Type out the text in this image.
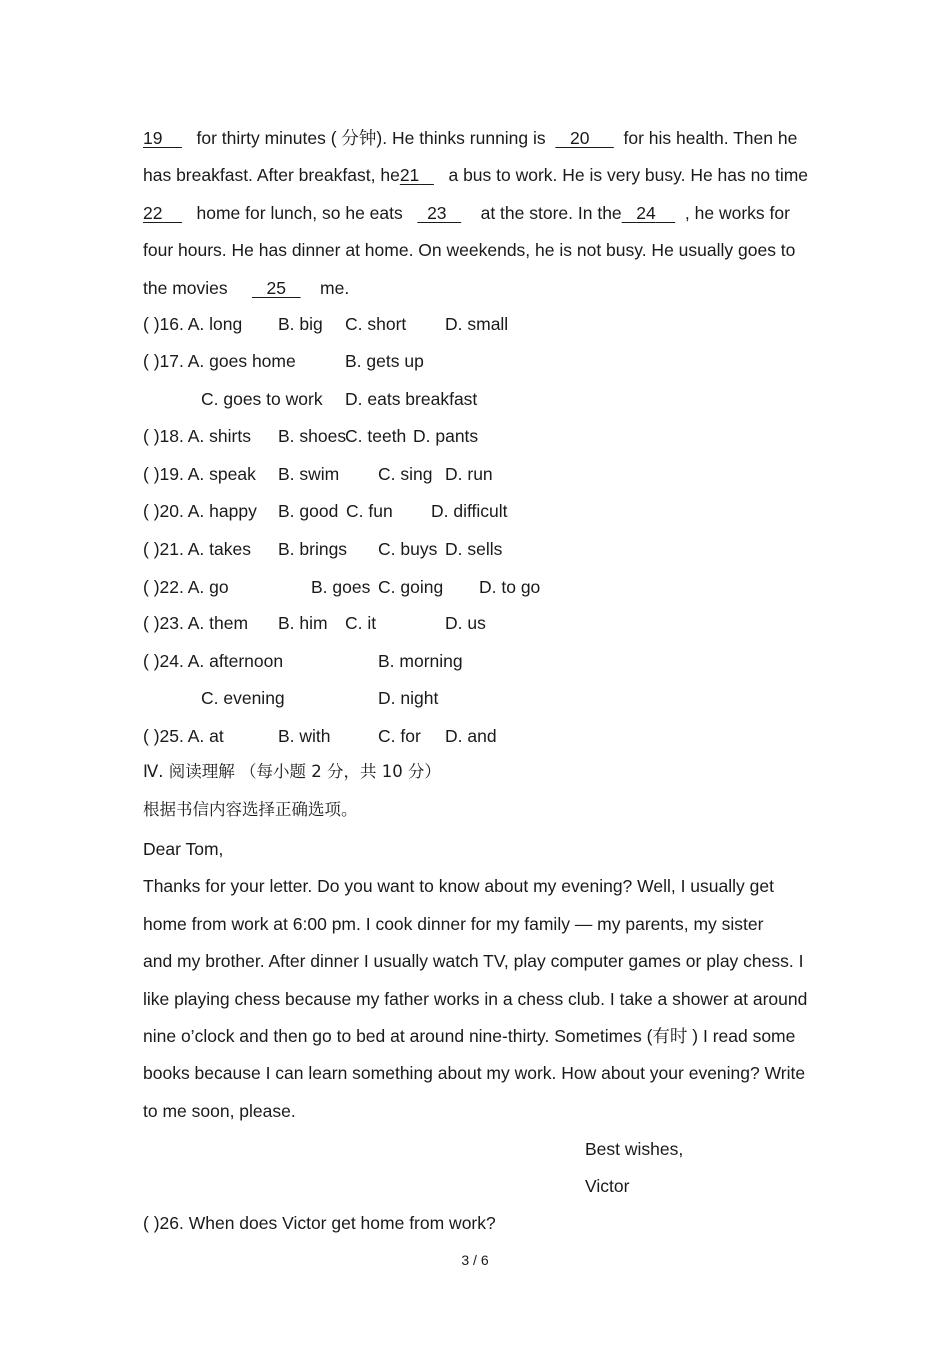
19 for thirty minutes ( 分钟). He thinks running is 20 for his health. Then he
has breakfast. After breakfast, he21 a bus to work. He is very busy. He has no time
22 home for lunch, so he eats 23 at the store. In the 24 , he works for
four hours. He has dinner at home. On weekends, he is not busy. He usually goes to
the movies 25 me.
( )16. A. long B. big C. short D. small
( )17. A. goes home	B. gets up
C. goes to work D. eats breakfast
( )18. A. shirts B. shoes
C. teeth D. pants
( )19. A. speak B. swim C. sing D. run
( )20. A. happy B. good C. fun D. difficult
( )21. A. takes B. brings C. buys D. sells
( )22. A. go	B. goes C. going D. to go
( )23. A. them B. him C. it	D. us
( )24. A. afternoon	B. morning
C. evening	D. night
( )25. A. at	B. with	C. for D. and
Ⅳ. 阅读理解 （每小题 2 分，共 10 分）
根据书信内容选择正确选项。
Dear Tom,
Thanks for your letter. Do you want to know about my evening? Well, I usually get
home from work at 6:00 pm. I cook dinner for my family — my parents, my sister
and my brother. After dinner I usually watch TV, play computer games or play chess. I
like playing chess because my father works in a chess club. I take a shower at around
nine o’clock and then go to bed at around nine-thirty. Sometimes (有时 ) I read some
books because I can learn something about my work. How about your evening? Write
to me soon, please.
Best wishes,
Victor
( )26. When does Victor get home from work?
3 / 6
